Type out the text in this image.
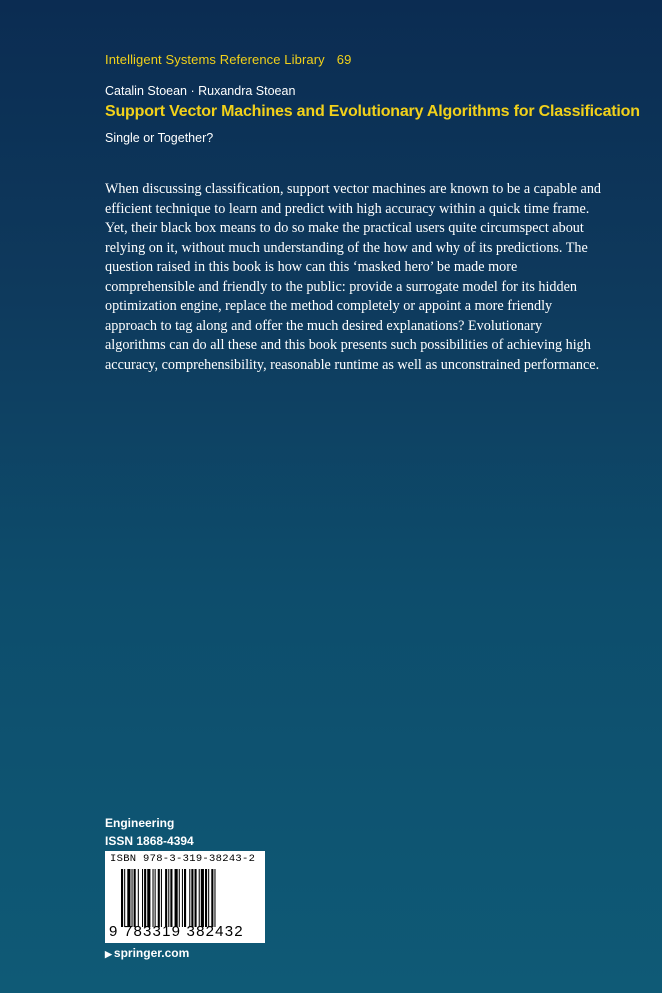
Intelligent Systems Reference Library 69
Catalin Stoean · Ruxandra Stoean
Support Vector Machines and Evolutionary Algorithms for Classification
Single or Together?

When discussing classification, support vector machines are known to be a capable and efficient technique to learn and predict with high accuracy within a quick time frame. Yet, their black box means to do so make the practical users quite circumspect about relying on it, without much understanding of the how and why of its predictions. The question raised in this book is how can this ‘masked hero’ be made more comprehensible and friendly to the public: provide a surrogate model for its hidden optimization engine, replace the method completely or appoint a more friendly approach to tag along and offer the much desired explanations? Evolutionary algorithms can do all these and this book presents such possibilities of achieving high accuracy, comprehensibility, reasonable runtime as well as unconstrained performance.

Engineering
ISSN 1868-4394
ISBN 978-3-319-38243-2
9 783319 382432
▶ springer.com
